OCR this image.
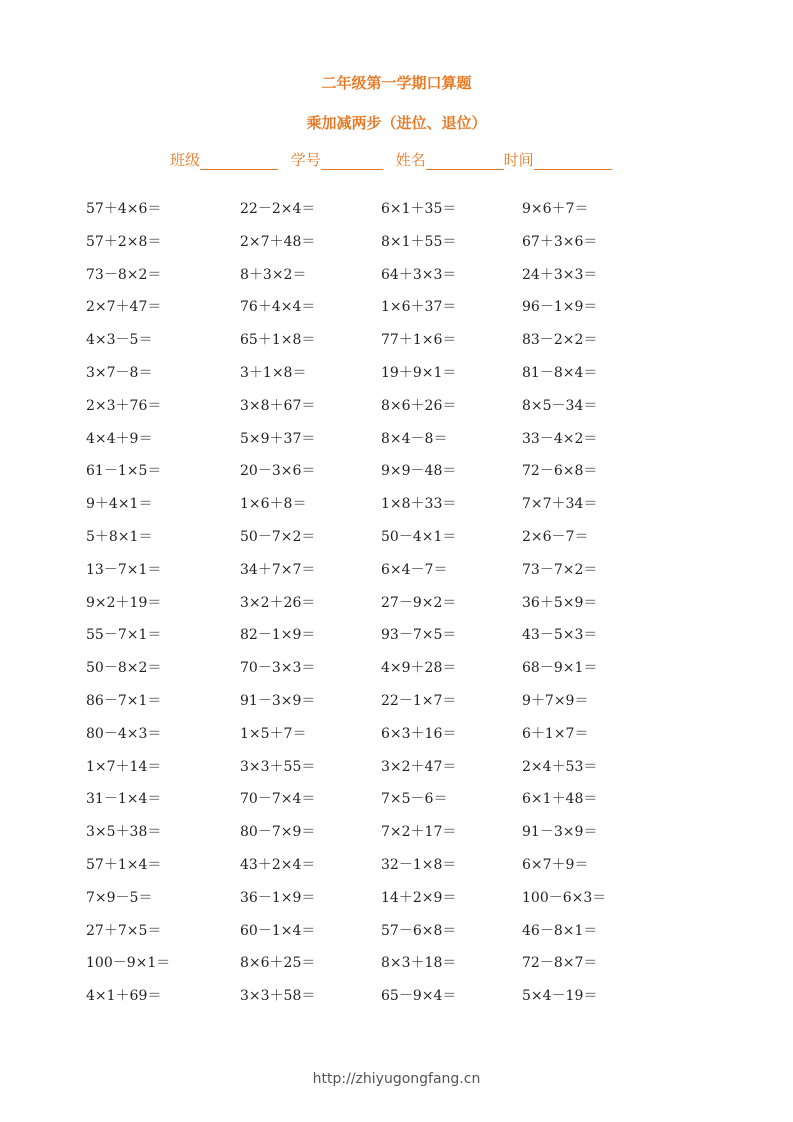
二年级第一学期口算题
乘加减两步（进位、退位）
班级	学号	姓名	时间
57＋4×6＝	22－2×4＝	6×1＋35＝	9×6＋7＝
57＋2×8＝	2×7＋48＝	8×1＋55＝	67＋3×6＝
73－8×2＝	8＋3×2＝	64＋3×3＝	24＋3×3＝
2×7＋47＝	76＋4×4＝	1×6＋37＝	96－1×9＝
4×3－5＝	65＋1×8＝	77＋1×6＝	83－2×2＝
3×7－8＝	3＋1×8＝	19＋9×1＝	81－8×4＝
2×3＋76＝	3×8＋67＝	8×6＋26＝	8×5－34＝
4×4＋9＝	5×9＋37＝	8×4－8＝	33－4×2＝
61－1×5＝	20－3×6＝	9×9－48＝	72－6×8＝
9＋4×1＝	1×6＋8＝	1×8＋33＝	7×7＋34＝
5＋8×1＝	50－7×2＝	50－4×1＝	2×6－7＝
13－7×1＝	34＋7×7＝	6×4－7＝	73－7×2＝
9×2＋19＝	3×2＋26＝	27－9×2＝	36＋5×9＝
55－7×1＝	82－1×9＝	93－7×5＝	43－5×3＝
50－8×2＝	70－3×3＝	4×9＋28＝	68－9×1＝
86－7×1＝	91－3×9＝	22－1×7＝	9＋7×9＝
80－4×3＝	1×5＋7＝	6×3＋16＝	6＋1×7＝
1×7＋14＝	3×3＋55＝	3×2＋47＝	2×4＋53＝
31－1×4＝	70－7×4＝	7×5－6＝	6×1＋48＝
3×5＋38＝	80－7×9＝	7×2＋17＝	91－3×9＝
57＋1×4＝	43＋2×4＝	32－1×8＝	6×7＋9＝
7×9－5＝	36－1×9＝	14＋2×9＝	100－6×3＝
27＋7×5＝	60－1×4＝	57－6×8＝	46－8×1＝
100－9×1＝	8×6＋25＝	8×3＋18＝	72－8×7＝
4×1＋69＝	3×3＋58＝	65－9×4＝	5×4－19＝
http://zhiyugongfang.cn
